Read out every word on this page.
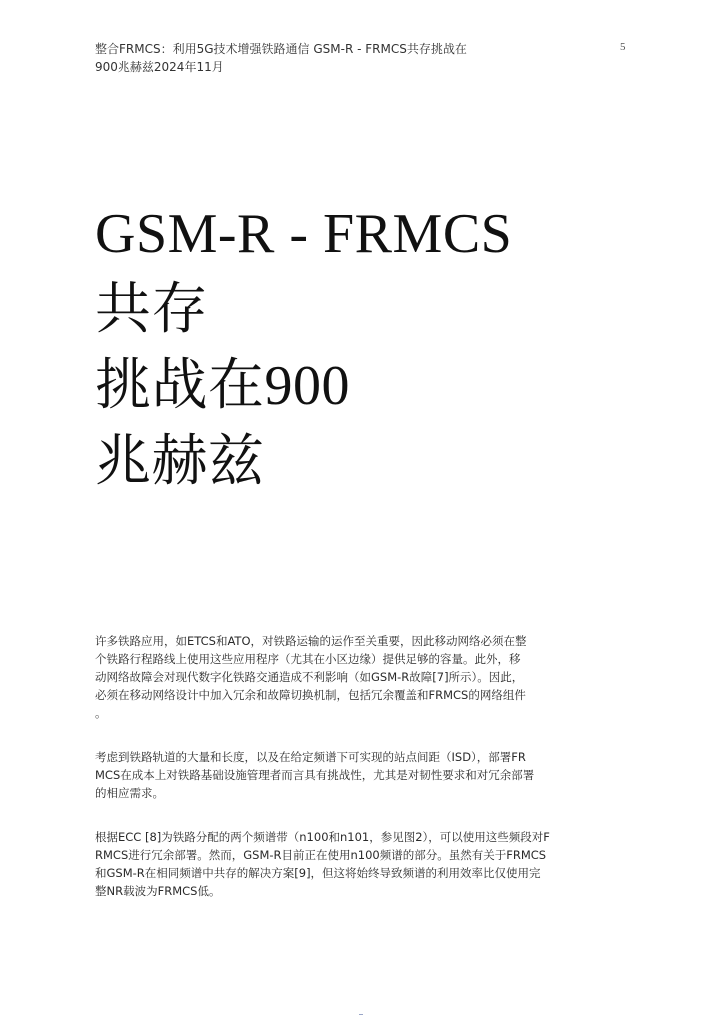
整合FRMCS：利用5G技术增强铁路通信 GSM-R - FRMCS共存挑战在
900兆赫兹2024年11月
5
GSM-R - FRMCS
共存
挑战在900
兆赫兹

许多铁路应用，如ETCS和ATO，对铁路运输的运作至关重要，因此移动网络必须在整
个铁路行程路线上使用这些应用程序（尤其在小区边缘）提供足够的容量。此外，移
动网络故障会对现代数字化铁路交通造成不利影响（如GSM-R故障[7]所示）。因此，
必须在移动网络设计中加入冗余和故障切换机制，包括冗余覆盖和FRMCS的网络组件
。

考虑到铁路轨道的大量和长度，以及在给定频谱下可实现的站点间距（ISD），部署FR
MCS在成本上对铁路基础设施管理者而言具有挑战性，尤其是对韧性要求和对冗余部署
的相应需求。

根据ECC [8]为铁路分配的两个频谱带（n100和n101，参见图2），可以使用这些频段对F
RMCS进行冗余部署。然而，GSM-R目前正在使用n100频谱的部分。虽然有关于FRMCS
和GSM-R在相同频谱中共存的解决方案[9]，但这将始终导致频谱的利用效率比仅使用完
整NR载波为FRMCS低。
